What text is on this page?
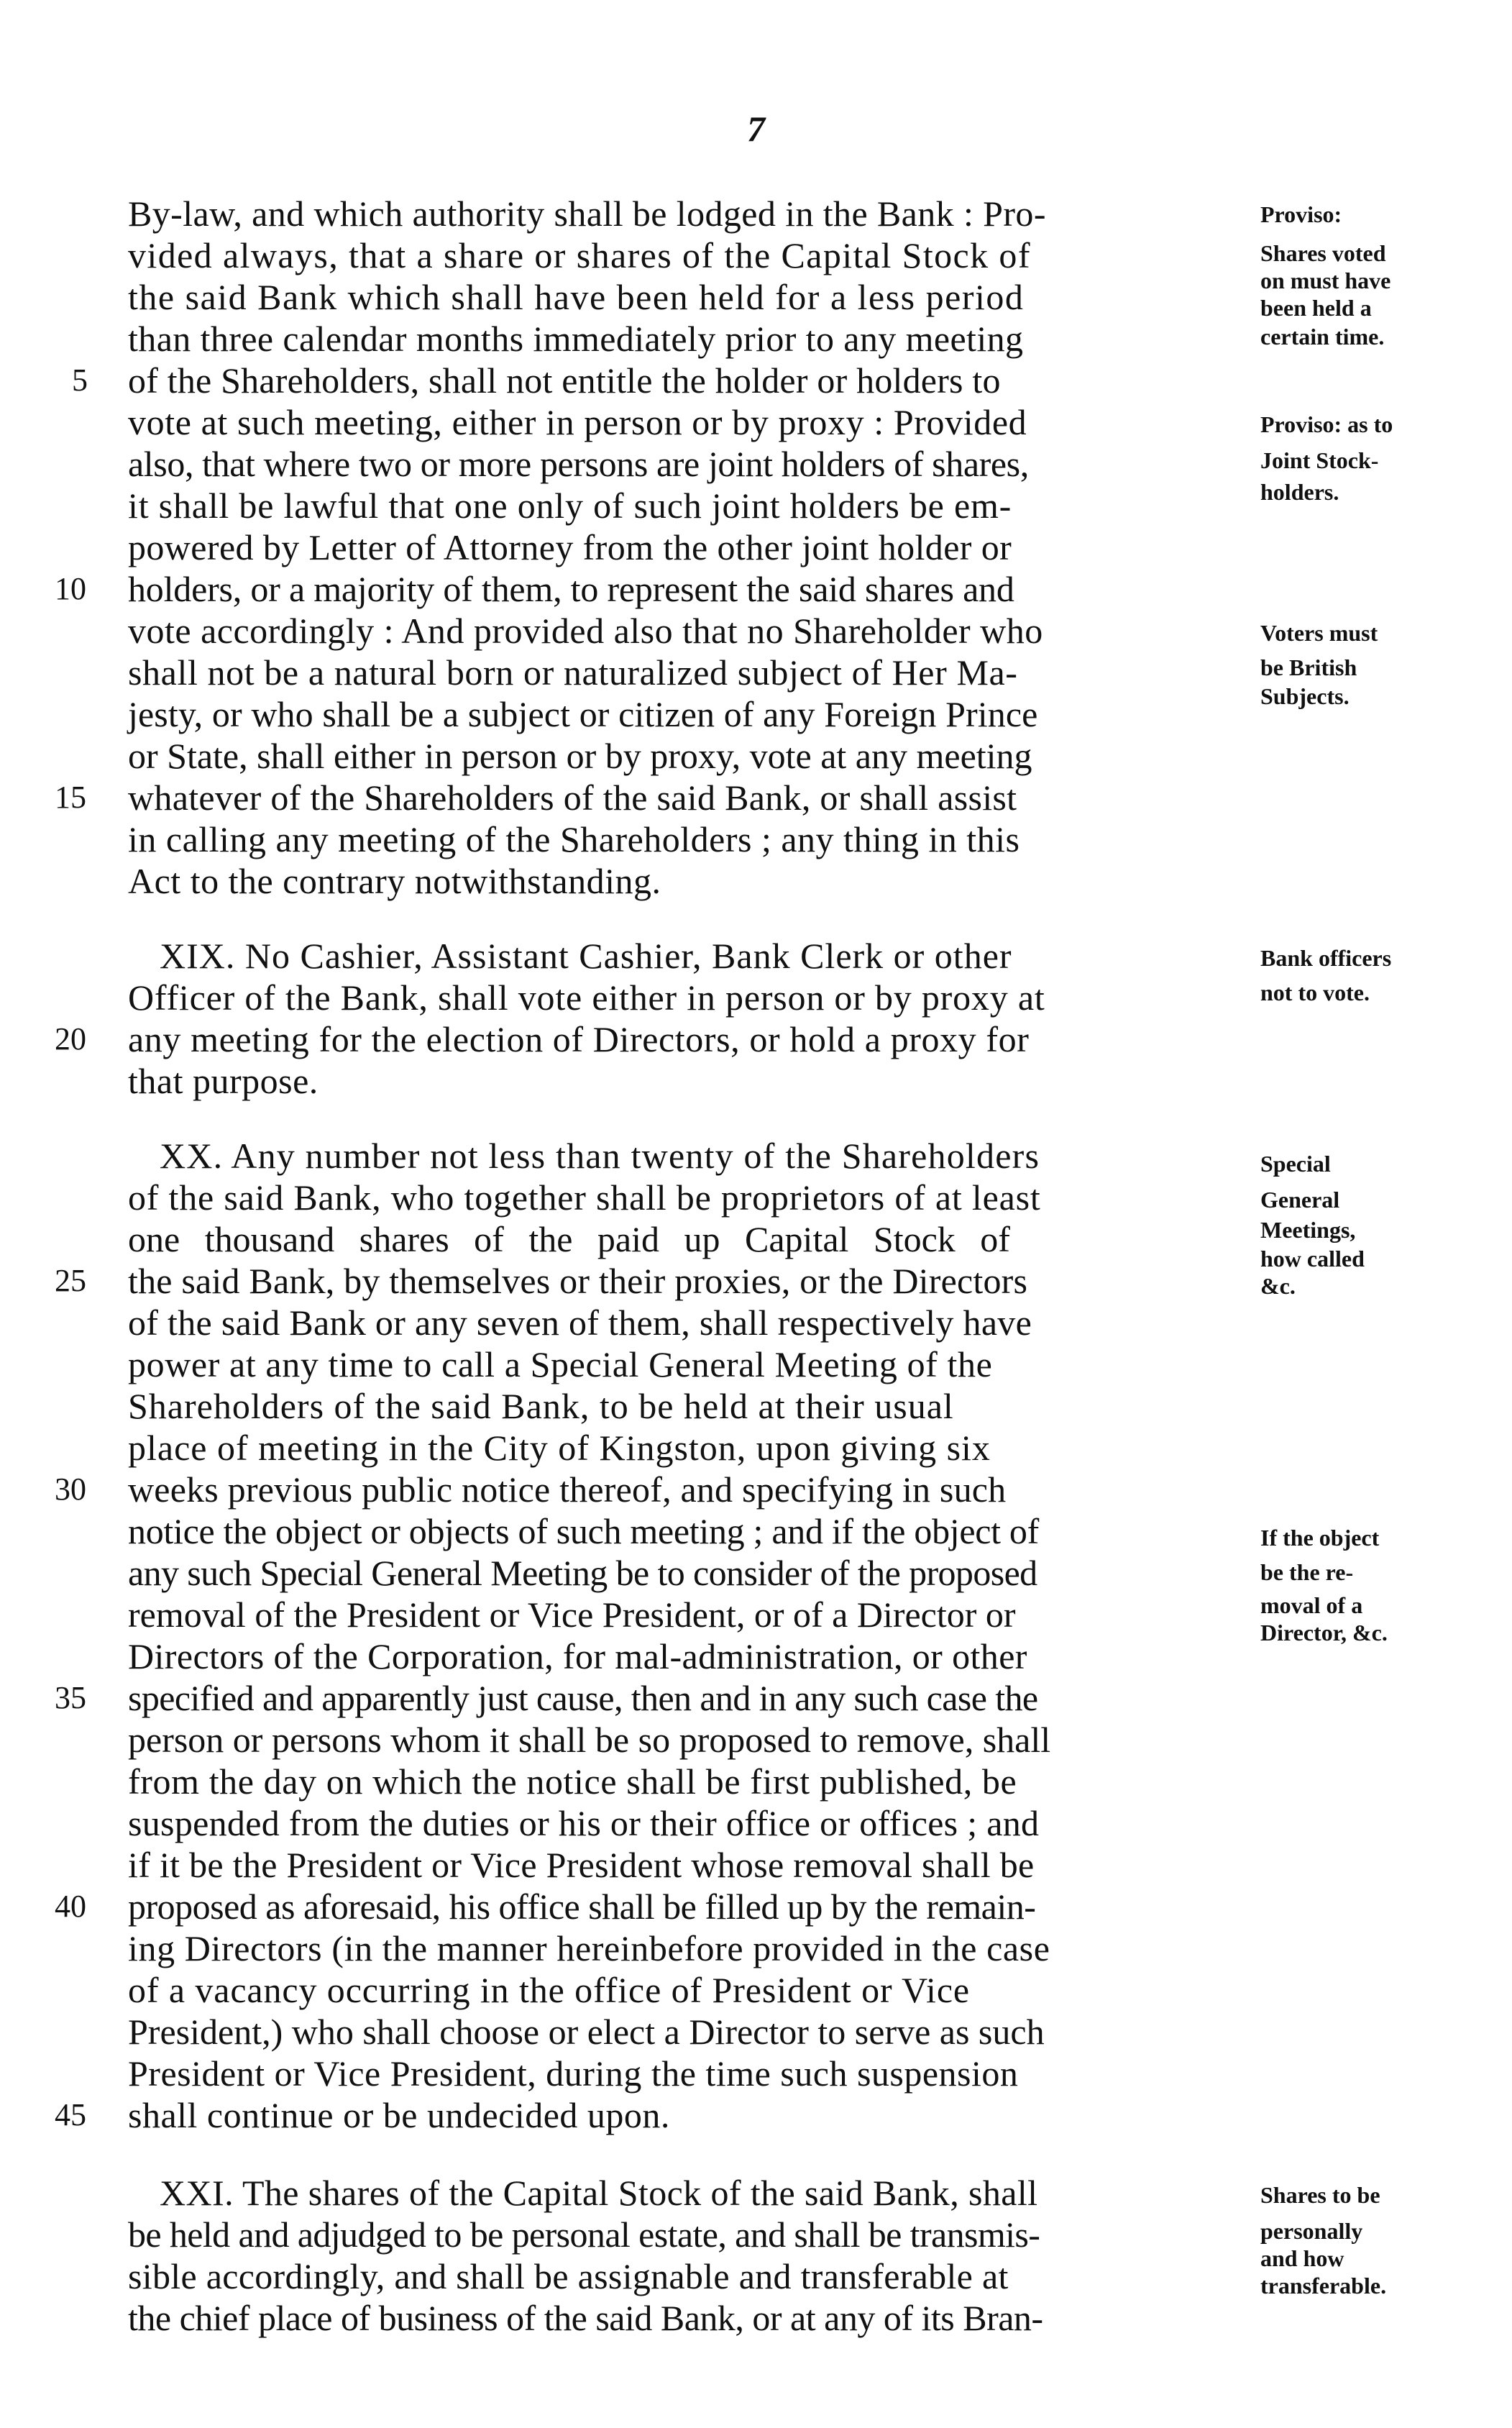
7
By-law, and which authority shall be lodged in the Bank : Pro-
vided always, that a share or shares of the Capital Stock of
the said Bank which shall have been held for a less period
than three calendar months immediately prior to any meeting
of the Shareholders, shall not entitle the holder or holders to
vote at such meeting, either in person or by proxy : Provided
also, that where two or more persons are joint holders of shares,
it shall be lawful that one only of such joint holders be em-
powered by Letter of Attorney from the other joint holder or
holders, or a majority of them, to represent the said shares and
vote accordingly : And provided also that no Shareholder who
shall not be a natural born or naturalized subject of Her Ma-
jesty, or who shall be a subject or citizen of any Foreign Prince
or State, shall either in person or by proxy, vote at any meeting
whatever of the Shareholders of the said Bank, or shall assist
in calling any meeting of the Shareholders ; any thing in this
Act to the contrary notwithstanding.
XIX. No Cashier, Assistant Cashier, Bank Clerk or other
Officer of the Bank, shall vote either in person or by proxy at
any meeting for the election of Directors, or hold a proxy for
that purpose.
XX. Any number not less than twenty of the Shareholders
of the said Bank, who together shall be proprietors of at least
one thousand shares of the paid up Capital Stock of
the said Bank, by themselves or their proxies, or the Directors
of the said Bank or any seven of them, shall respectively have
power at any time to call a Special General Meeting of the
Shareholders of the said Bank, to be held at their usual
place of meeting in the City of Kingston, upon giving six
weeks previous public notice thereof, and specifying in such
notice the object or objects of such meeting ; and if the object of
any such Special General Meeting be to consider of the proposed
removal of the President or Vice President, or of a Director or
Directors of the Corporation, for mal-administration, or other
specified and apparently just cause, then and in any such case the
person or persons whom it shall be so proposed to remove, shall
from the day on which the notice shall be first published, be
suspended from the duties or his or their office or offices ; and
if it be the President or Vice President whose removal shall be
proposed as aforesaid, his office shall be filled up by the remain-
ing Directors (in the manner hereinbefore provided in the case
of a vacancy occurring in the office of President or Vice
President,) who shall choose or elect a Director to serve as such
President or Vice President, during the time such suspension
shall continue or be undecided upon.
XXI. The shares of the Capital Stock of the said Bank, shall
be held and adjudged to be personal estate, and shall be transmis-
sible accordingly, and shall be assignable and transferable at
the chief place of business of the said Bank, or at any of its Bran-
5
10
15
20
25
30
35
40
45
Proviso:
Shares voted
on must have
been held a
certain time.
Proviso: as to
Joint Stock-
holders.
Voters must
be British
Subjects.
Bank officers
not to vote.
Special
General
Meetings,
how called
&c.
If the object
be the re-
moval of a
Director, &c.
Shares to be
personally
and how
transferable.
